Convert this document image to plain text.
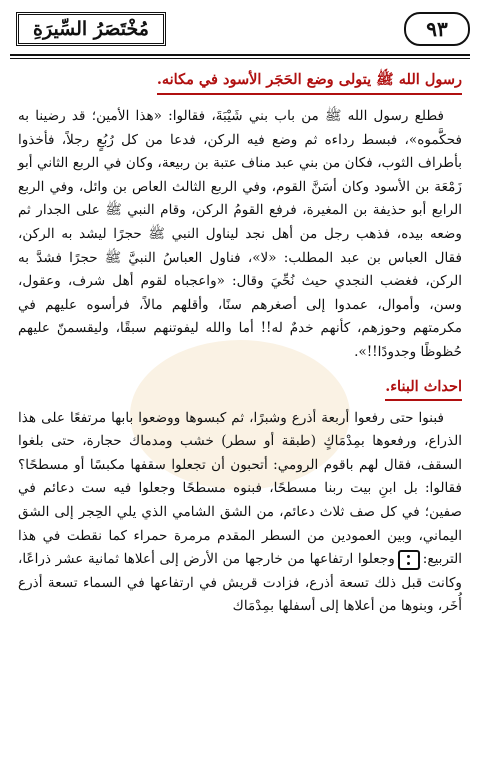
٩٣
مُخْتَصَرُ السِّيرَةِ
رسول الله ﷺ يتولى وضع الحَجَر الأسود في مكانه.

فطلع رسول الله ﷺ من باب بني شَيْبَةَ، فقالوا: «هذا الأمين؛ قد رضينا به فحكَّموه»، فبسط رداءه ثم وضع فيه الركن، فدعا من كل رُبُعٍ رجلاً، فأخذوا بأطراف الثوب، فكان من بني عبد مناف عتبة بن ربيعة، وكان في الربع الثاني أبو زَمْعَة بن الأسود وكان أسَنَّ القوم، وفي الربع الثالث العاص بن وائل، وفي الربع الرابع أبو حذيفة بن المغيرة، فرفع القومُ الركن، وقام النبي ﷺ على الجدار ثم وضعه بيده، فذهب رجل من أهل نجد ليناول النبي ﷺ حجرًا ليشد به الركن، فقال العباس بن عبد المطلب: «لا»، فناول العباسُ النبيَّ ﷺ حجرًا فشدَّ به الركن، فغضب النجدي حيث نُحِّيَ وقال: «واعجباه لقوم أهل شرف، وعقول، وسن، وأموال، عمدوا إلى أصغرهم سنًا، وأقلهم مالاً، فرأسوه عليهم في مكرمتهم وحوزهم، كأنهم خدمٌ له!! أما والله ليفوتنهم سبقًا، وليقسمنّ عليهم حُظوظًا وجدودًا!!».

احداث البناء.

فبنوا حتى رفعوا أربعة أذرع وشبرًا، ثم كبسوها ووضعوا بابها مرتفعًا على هذا الذراع، ورفعوها بمِدْمَاكٍ (طبقة أو سطر) خشب ومدماك حجارة، حتى بلغوا السقف، فقال لهم باقوم الرومي: أتحبون أن تجعلوا سقفها مكبسًا أو مسطحًا؟ فقالوا: بل ابنِ بيت ربنا مسطحًا، فبنوه مسطحًا وجعلوا فيه ست دعائم في صفين؛ في كل صف ثلاث دعائم، من الشق الشامي الذي يلي الحِجر إلى الشق اليماني، وبين العمودين من السطر المقدم مرمرة حمراء كما نقطت في هذا التربيع:وجعلوا ارتفاعها من خارجها من الأرض إلى أعلاها ثمانية عشر ذراعًا، وكانت قبل ذلك تسعة أذرع، فزادت قريش في ارتفاعها في السماء تسعة أذرع أُخَر، وبنوها من أعلاها إلى أسفلها بمِدْمَاك
